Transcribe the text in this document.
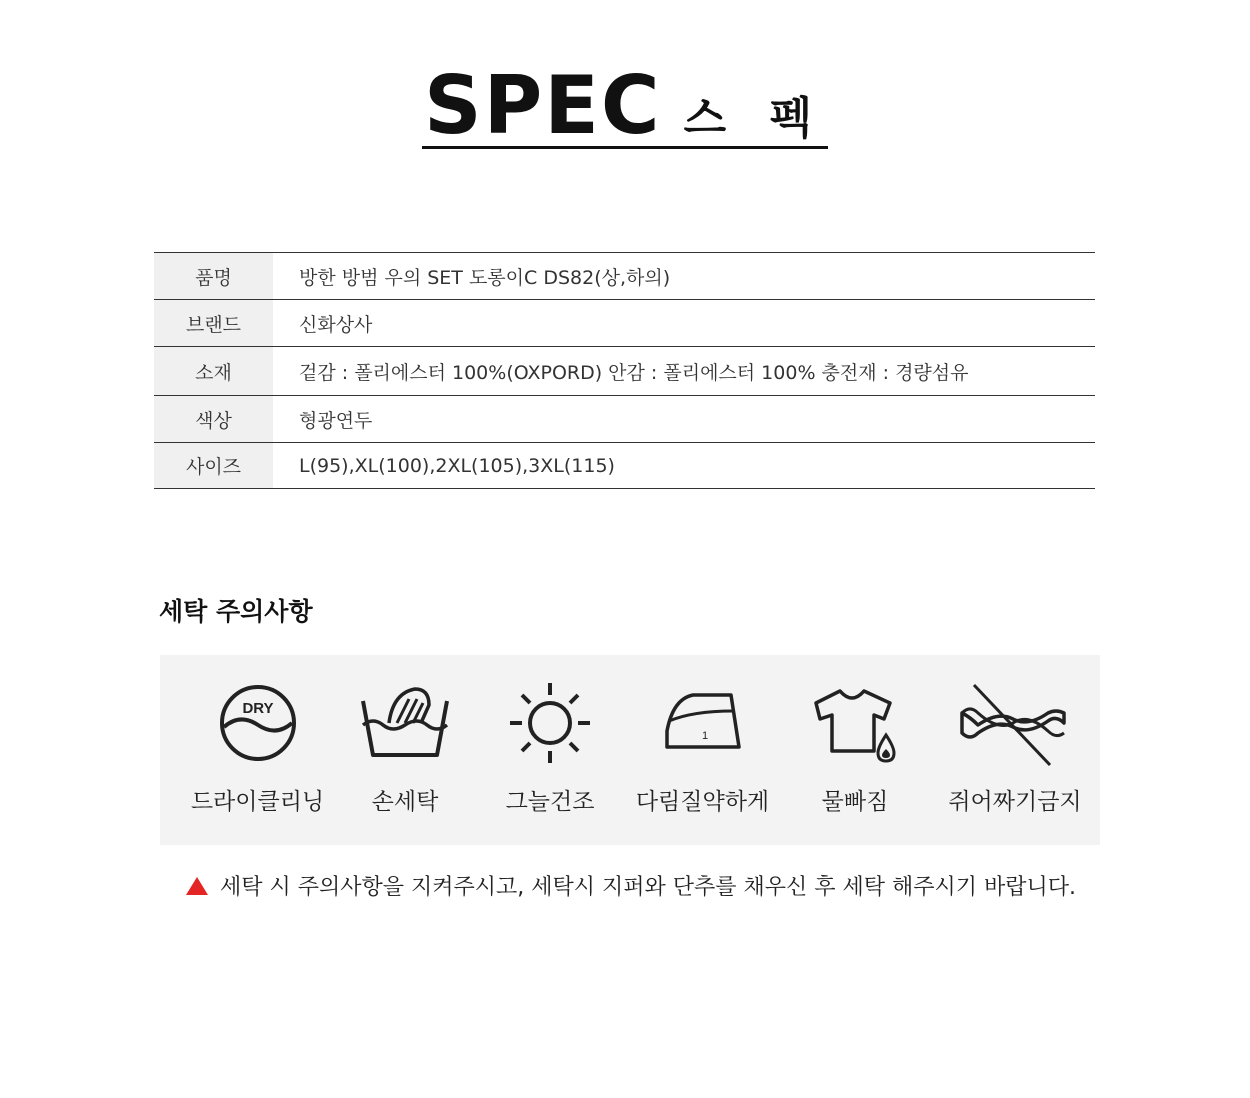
SPEC 스 펙
품명	방한 방범 우의 SET 도롱이C DS82(상,하의)
브랜드	신화상사
소재	겉감 : 폴리에스터 100%(OXPORD) 안감 : 폴리에스터 100% 충전재 : 경량섬유
색상	형광연두
사이즈	L(95),XL(100),2XL(105),3XL(115)
세탁 주의사항
DRY
드라이클리닝	손세탁	그늘건조
1
다림질약하게	물빠짐	쥐어짜기금지
세탁 시 주의사항을 지켜주시고, 세탁시 지퍼와 단추를 채우신 후 세탁 해주시기 바랍니다.
